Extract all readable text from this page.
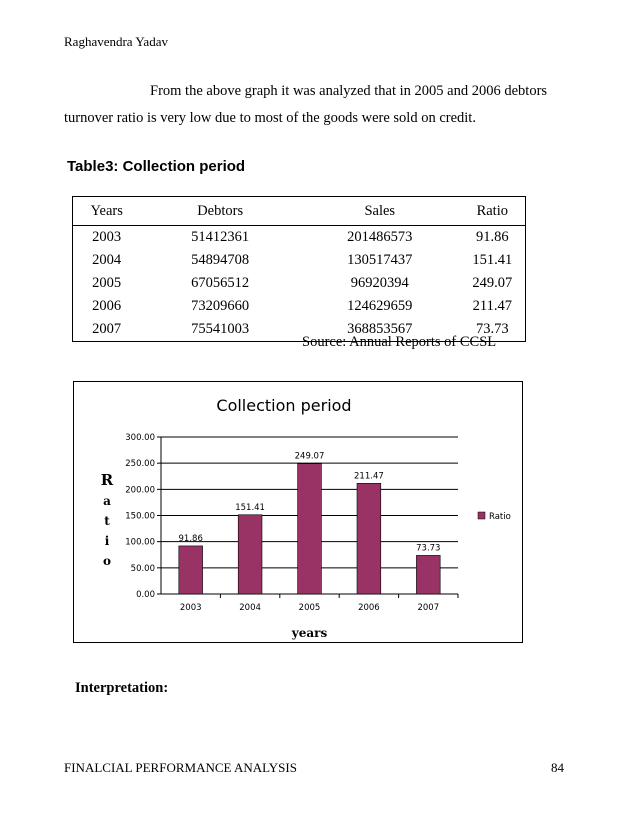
Raghavendra Yadav
From the above graph it was analyzed that in 2005 and 2006 debtors
turnover ratio is very low due to most of the goods were sold on credit.
Table3: Collection period
Years	Debtors	Sales	Ratio
2003	51412361	201486573	91.86
2004	54894708	130517437	151.41
2005	67056512	96920394	249.07
2006	73209660	124629659	211.47
2007	75541003	368853567	73.73
Source: Annual Reports of CCSL
Collection period
0.00
50.00
100.00
150.00
200.00
250.00
300.00
91.86
2003
151.41
2004
249.07
2005
211.47
2006
73.73
2007
years
R a t i o
Ratio
Interpretation:
FINALCIAL PERFORMANCE ANALYSIS	84
